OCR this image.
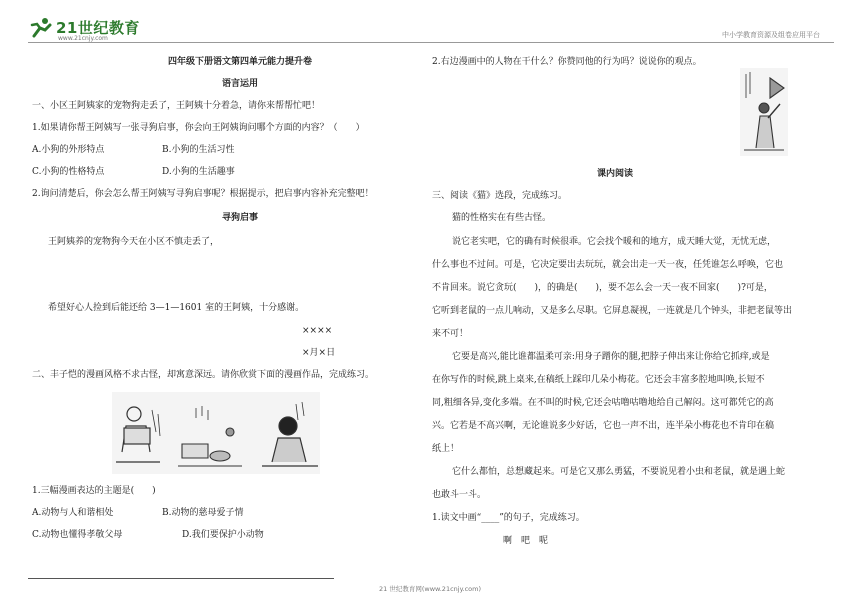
21世纪教育
www.21cnjy.com	中小学教育资源及组卷应用平台
四年级下册语文第四单元能力提升卷
语言运用
一、小区王阿姨家的宠物狗走丢了，王阿姨十分着急，请你来帮帮忙吧！
1.如果请你帮王阿姨写一张寻狗启事，你会向王阿姨询问哪个方面的内容？（　　）
A.小狗的外形特点	B.小狗的生活习性
C.小狗的性格特点	D.小狗的生活趣事
2.询问清楚后，你会怎么帮王阿姨写寻狗启事呢？根据提示，把启事内容补充完整吧！
寻狗启事
王阿姨养的宠物狗今天在小区不慎走丢了，
希望好心人捡到后能还给 3—1—1601 室的王阿姨，十分感谢。
××××
×月×日
二、丰子恺的漫画风格不求古怪，却寓意深远。请你欣赏下面的漫画作品，完成练习。
1.三幅漫画表达的主题是(　　)
A.动物与人和谐相处	B.动物的慈母爱子情
C.动物也懂得孝敬父母	D.我们要保护小动物
2.右边漫画中的人物在干什么？你赞同他的行为吗？说说你的观点。
课内阅读
三、阅读《猫》选段，完成练习。
猫的性格实在有些古怪。
说它老实吧，它的确有时候很乖。它会找个暖和的地方，成天睡大觉，无忧无虑，
什么事也不过问。可是，它决定要出去玩玩，就会出走一天一夜，任凭谁怎么呼唤，它也
不肯回来。说它贪玩(　　)，的确是(　　)，要不怎么会一天一夜不回家(　　)?可是，
它听到老鼠的一点儿响动，又是多么尽职。它屏息凝视，一连就是几个钟头，非把老鼠等出
来不可！
它要是高兴,能比谁都温柔可亲:用身子蹭你的腿,把脖子伸出来让你给它抓痒,或是
在你写作的时候,跳上桌来,在稿纸上踩印几朵小梅花。它还会丰富多腔地叫唤,长短不
同,粗细各异,变化多端。在不叫的时候,它还会咕噜咕噜地给自己解闷。这可都凭它的高
兴。它若是不高兴啊，无论谁说多少好话，它也一声不出，连半朵小梅花也不肯印在稿
纸上！
它什么都怕，总想藏起来。可是它又那么勇猛，不要说见着小虫和老鼠，就是遇上蛇
也敢斗一斗。
1.读文中画“____”的句子，完成练习。
啊　吧　呢
21 世纪教育网(www.21cnjy.com)
